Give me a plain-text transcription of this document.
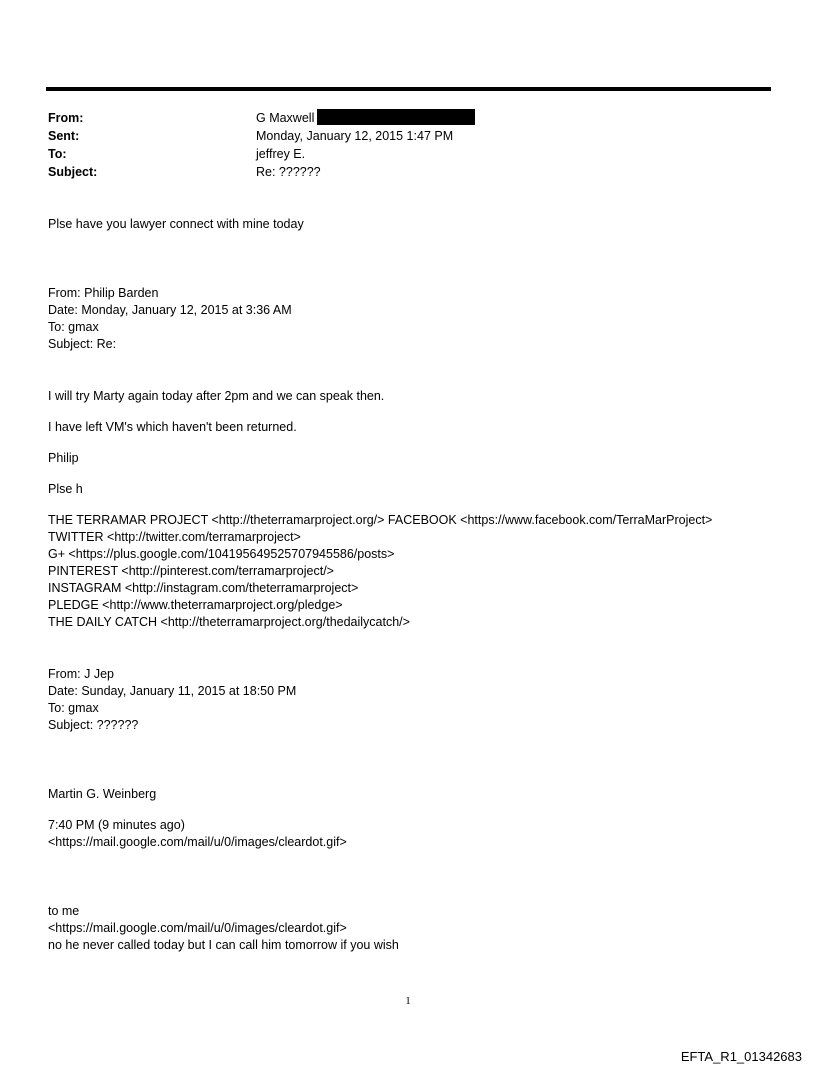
From:	G Maxwell
Sent:	Monday, January 12, 2015 1:47 PM
To:	jeffrey E.
Subject:	Re: ??????
Plse have you lawyer connect with mine today
From: Philip Barden
Date: Monday, January 12, 2015 at 3:36 AM
To: gmax
Subject: Re:
I will try Marty again today after 2pm and we can speak then.
I have left VM's which haven't been returned.
Philip
Plse h
THE TERRAMAR PROJECT <http://theterramarproject.org/> FACEBOOK <https://www.facebook.com/TerraMarProject>
TWITTER <http://twitter.com/terramarproject>
G+ <https://plus.google.com/104195649525707945586/posts>
PINTEREST <http://pinterest.com/terramarproject/>
INSTAGRAM <http://instagram.com/theterramarproject>
PLEDGE <http://www.theterramarproject.org/pledge>
THE DAILY CATCH <http://theterramarproject.org/thedailycatch/>
From: J Jep
Date: Sunday, January 11, 2015 at 18:50 PM
To: gmax
Subject: ??????
Martin G. Weinberg
7:40 PM (9 minutes ago)
<https://mail.google.com/mail/u/0/images/cleardot.gif>
to me
<https://mail.google.com/mail/u/0/images/cleardot.gif>
no he never called today but I can call him tomorrow if you wish
1
EFTA_R1_01342683
